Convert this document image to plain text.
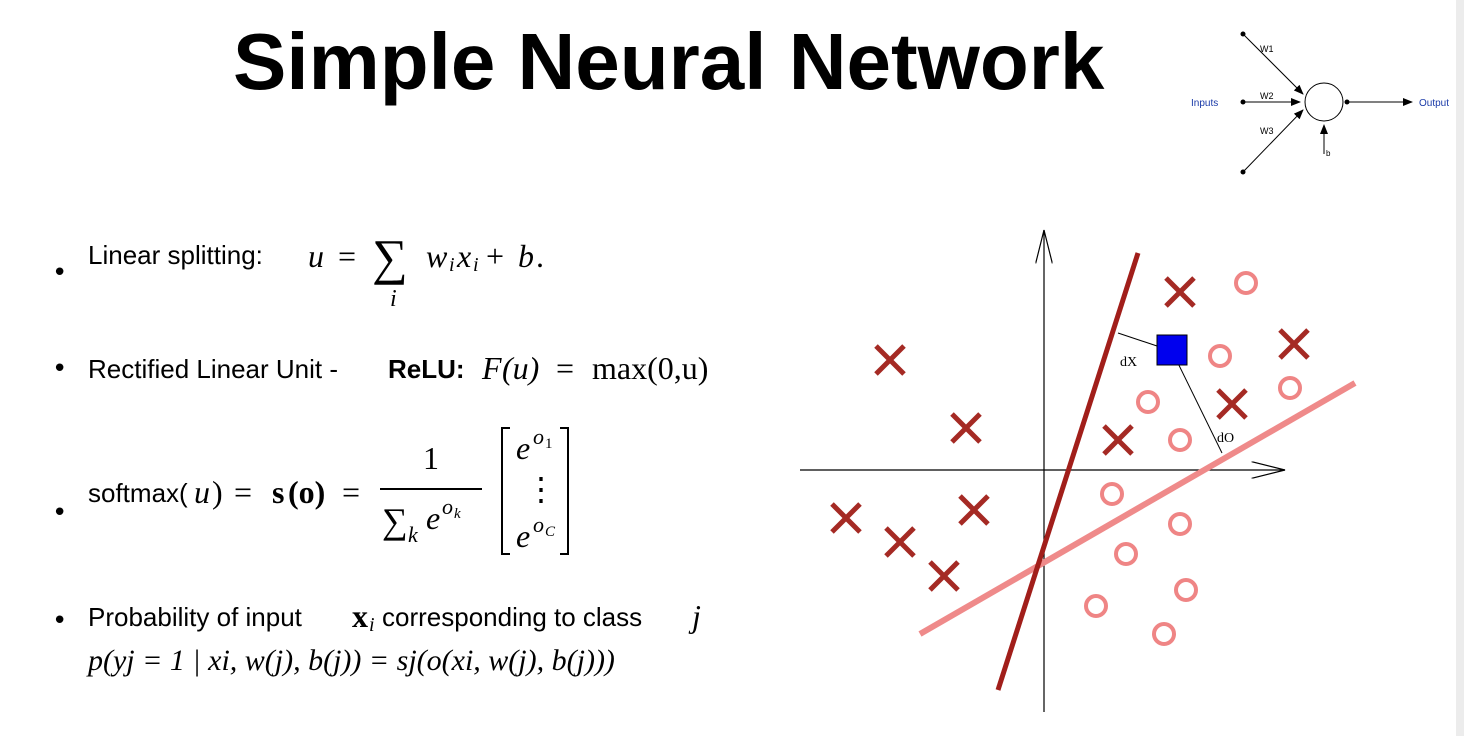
Simple Neural Network	W1
W2
W3
b
Inputs	Output
•
Linear splitting: u = ∑
i
w i x i + b .
• Rectified Linear Unit - ReLU: F (u) = max(0,u)
•
softmax( u ) = s (o) =
1
∑ k e o k
e o 1
⋮
e o C
• Probability of input x i corresponding to class j
p(yj = 1 | xi, w(j), b(j)) = sj(o(xi, w(j), b(j)))
dX
dO
